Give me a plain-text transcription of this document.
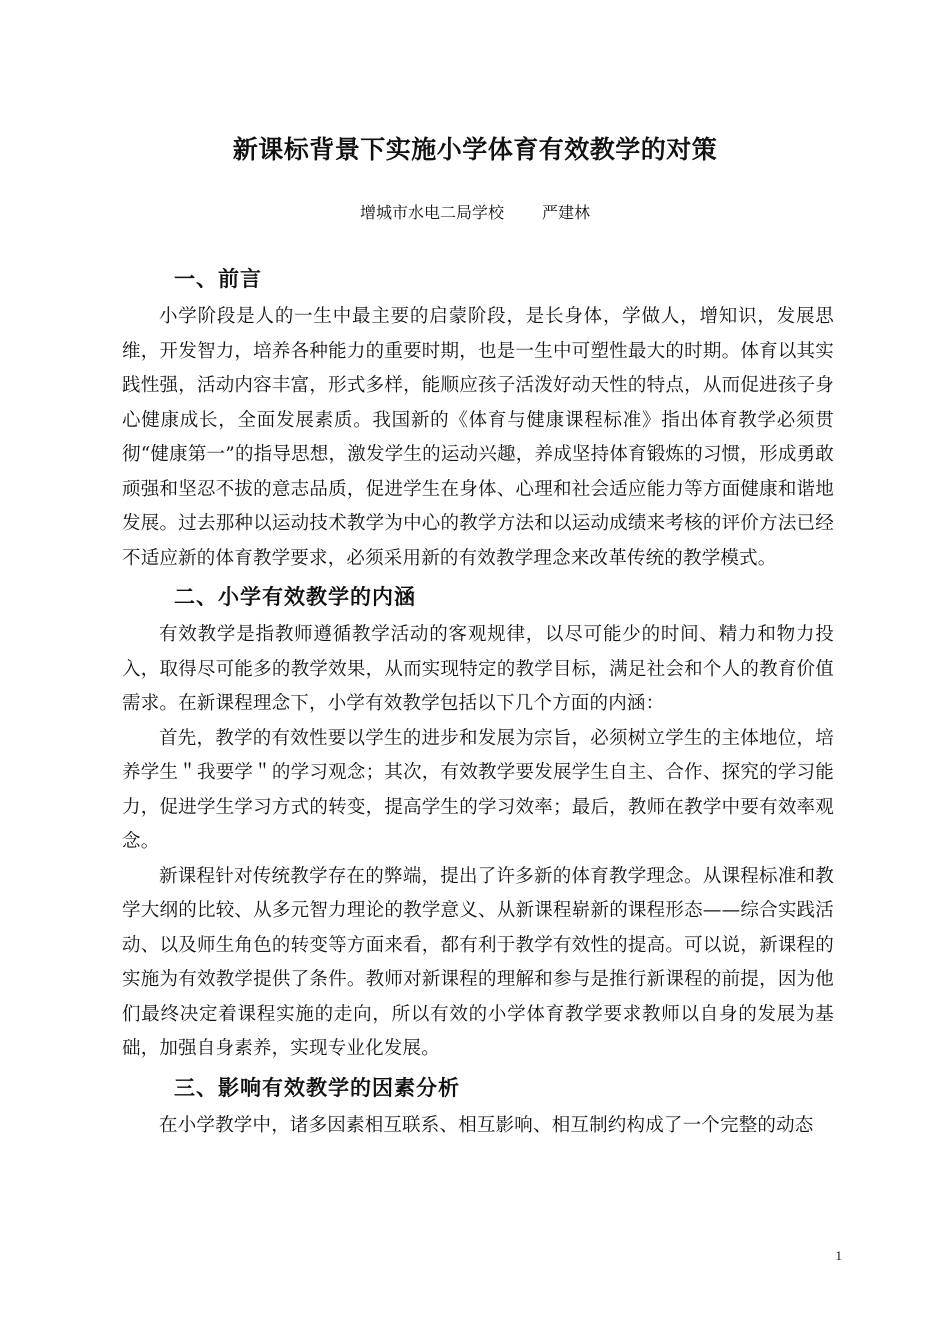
新课标背景下实施小学体育有效教学的对策
增城市水电二局学校 严建林
一、前言

小学阶段是人的一生中最主要的启蒙阶段，是长身体，学做人，增知识，发展思维，开发智力，培养各种能力的重要时期，也是一生中可塑性最大的时期。体育以其实践性强，活动内容丰富，形式多样，能顺应孩子活泼好动天性的特点，从而促进孩子身心健康成长，全面发展素质。我国新的《体育与健康课程标准》指出体育教学必须贯彻“健康第一”的指导思想，激发学生的运动兴趣，养成坚持体育锻炼的习惯，形成勇敢顽强和坚忍不拔的意志品质，促进学生在身体、心理和社会适应能力等方面健康和谐地发展。过去那种以运动技术教学为中心的教学方法和以运动成绩来考核的评价方法已经不适应新的体育教学要求，必须采用新的有效教学理念来改革传统的教学模式。

二、小学有效教学的内涵

有效教学是指教师遵循教学活动的客观规律，以尽可能少的时间、精力和物力投入，取得尽可能多的教学效果，从而实现特定的教学目标，满足社会和个人的教育价值需求。在新课程理念下，小学有效教学包括以下几个方面的内涵：

首先，教学的有效性要以学生的进步和发展为宗旨，必须树立学生的主体地位，培养学生＂我要学＂的学习观念；其次，有效教学要发展学生自主、合作、探究的学习能力，促进学生学习方式的转变，提高学生的学习效率；最后，教师在教学中要有效率观念。

新课程针对传统教学存在的弊端，提出了许多新的体育教学理念。从课程标准和教学大纲的比较、从多元智力理论的教学意义、从新课程崭新的课程形态——综合实践活动、以及师生角色的转变等方面来看，都有利于教学有效性的提高。可以说，新课程的实施为有效教学提供了条件。教师对新课程的理解和参与是推行新课程的前提，因为他们最终决定着课程实施的走向，所以有效的小学体育教学要求教师以自身的发展为基础，加强自身素养，实现专业化发展。

三、影响有效教学的因素分析

在小学教学中，诸多因素相互联系、相互影响、相互制约构成了一个完整的动态

1
